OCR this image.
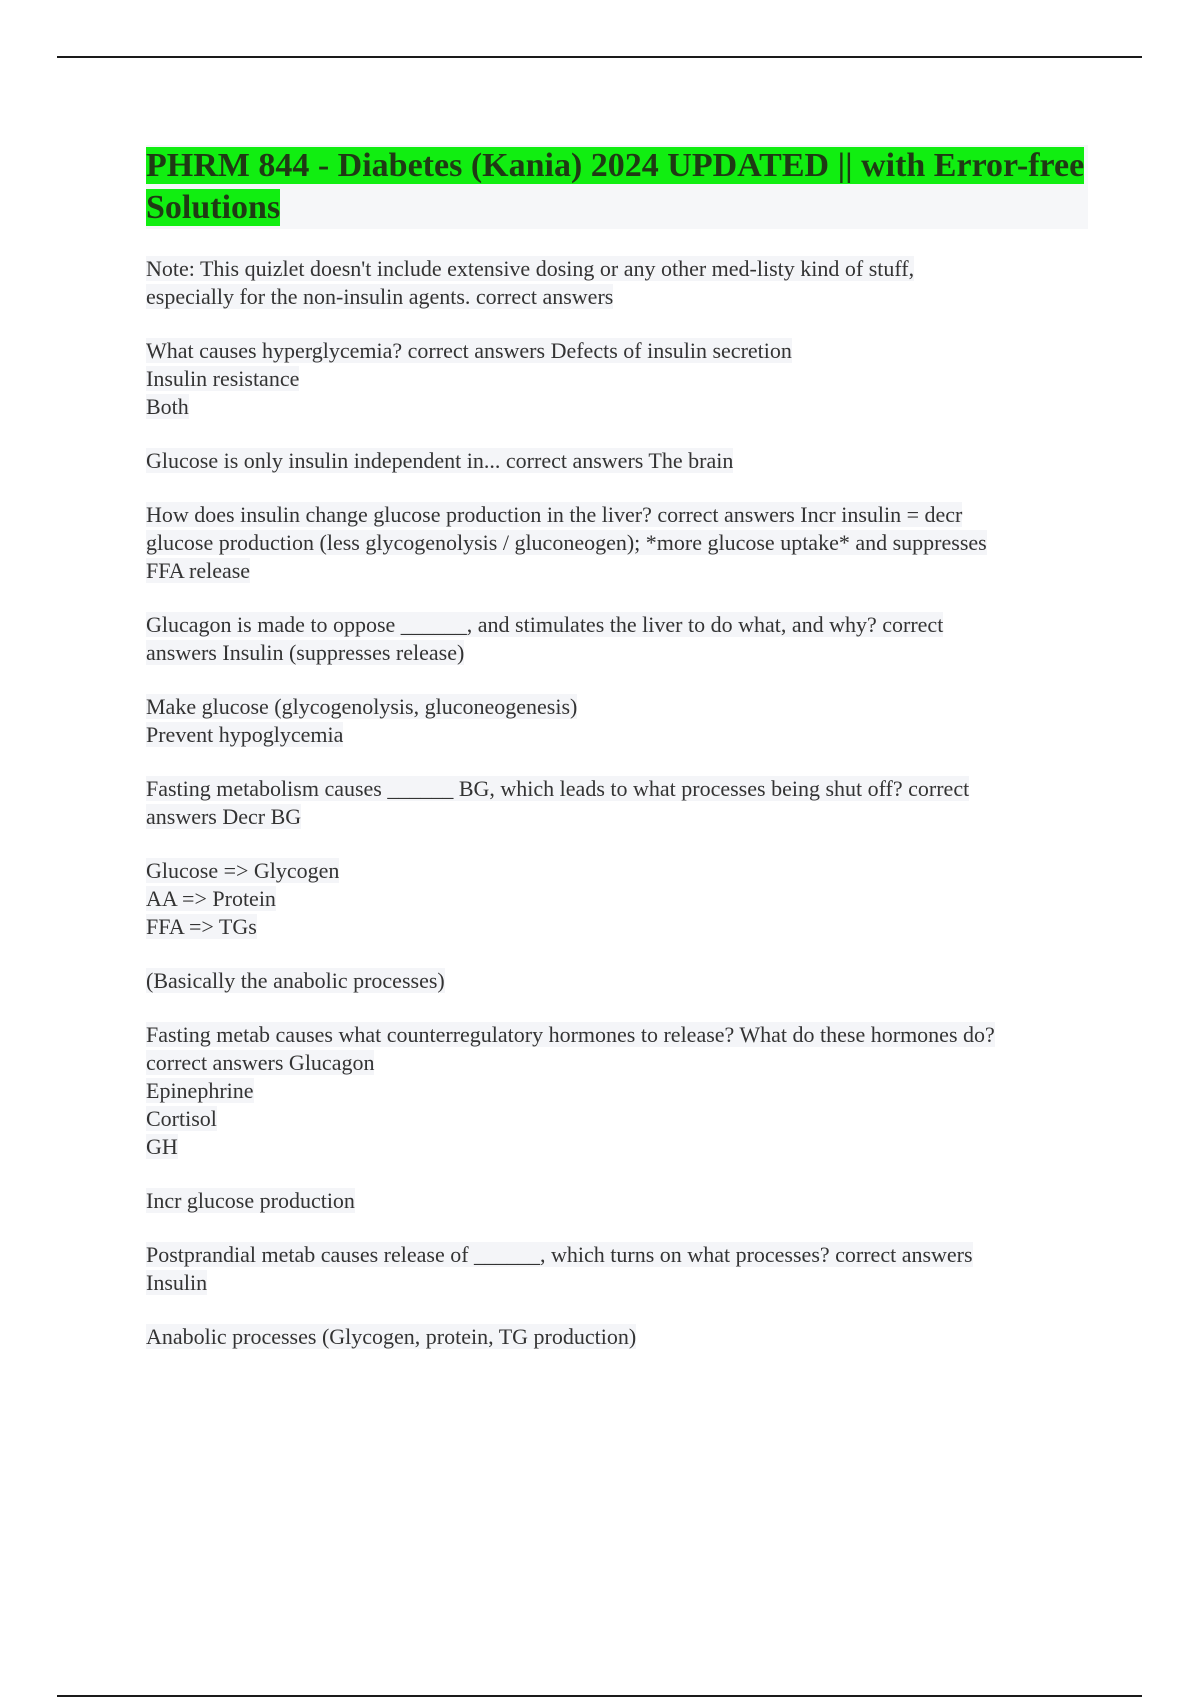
PHRM 844 - Diabetes (Kania) 2024 UPDATED || with Error-free Solutions
Note: This quizlet doesn't include extensive dosing or any other med-listy kind of stuff,
especially for the non-insulin agents. correct answers
What causes hyperglycemia? correct answers Defects of insulin secretion
Insulin resistance
Both
Glucose is only insulin independent in... correct answers The brain
How does insulin change glucose production in the liver? correct answers Incr insulin = decr
glucose production (less glycogenolysis / gluconeogen); *more glucose uptake* and suppresses
FFA release
Glucagon is made to oppose ______, and stimulates the liver to do what, and why? correct
answers Insulin (suppresses release)
Make glucose (glycogenolysis, gluconeogenesis)
Prevent hypoglycemia
Fasting metabolism causes ______ BG, which leads to what processes being shut off? correct
answers Decr BG
Glucose => Glycogen
AA => Protein
FFA => TGs
(Basically the anabolic processes)
Fasting metab causes what counterregulatory hormones to release? What do these hormones do?
correct answers Glucagon
Epinephrine
Cortisol
GH
Incr glucose production
Postprandial metab causes release of ______, which turns on what processes? correct answers
Insulin
Anabolic processes (Glycogen, protein, TG production)
